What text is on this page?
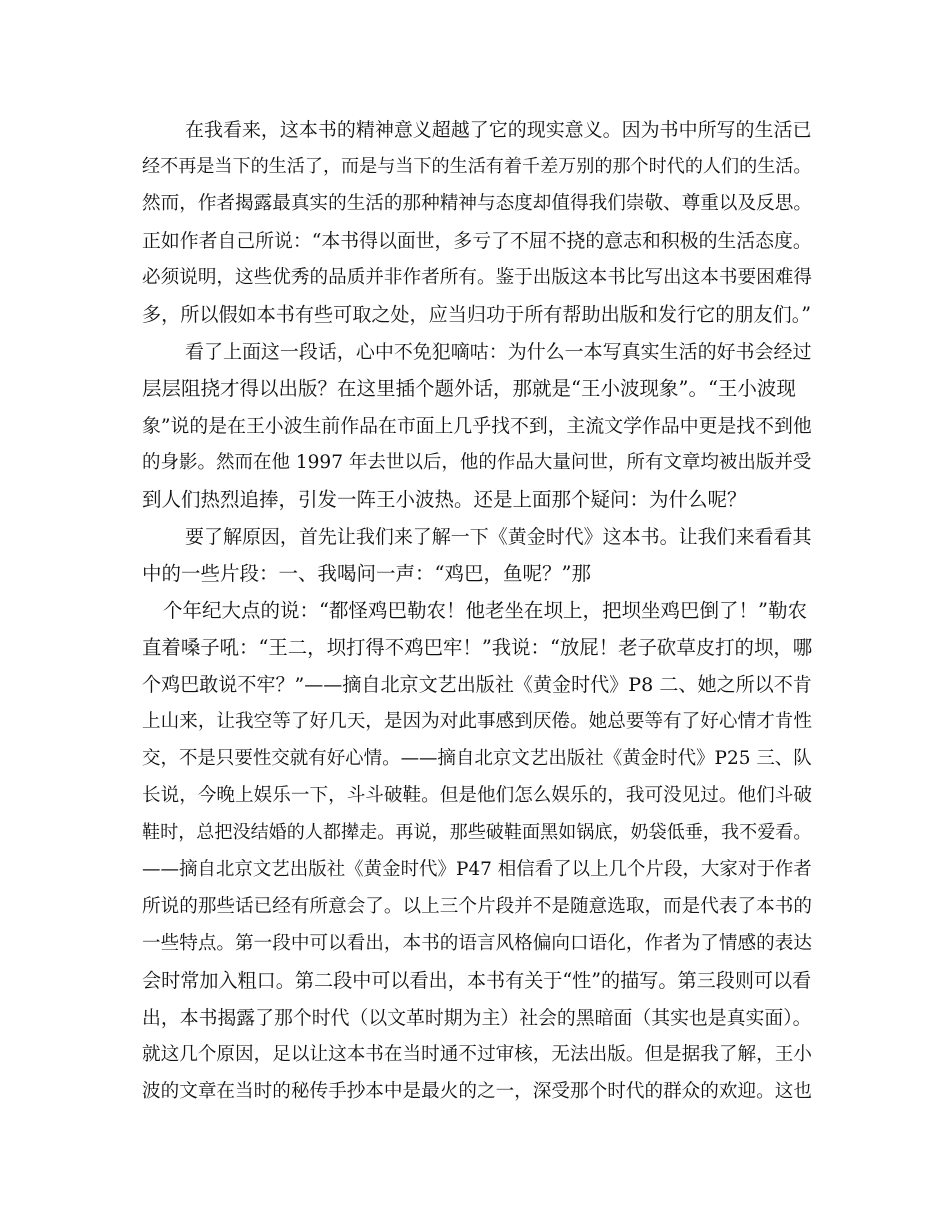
在我看来，这本书的精神意义超越了它的现实意义。因为书中所写的生活已
经不再是当下的生活了，而是与当下的生活有着千差万别的那个时代的人们的生活。
然而，作者揭露最真实的生活的那种精神与态度却值得我们崇敬、尊重以及反思。
正如作者自己所说：“本书得以面世，多亏了不屈不挠的意志和积极的生活态度。
必须说明，这些优秀的品质并非作者所有。鉴于出版这本书比写出这本书要困难得
多，所以假如本书有些可取之处，应当归功于所有帮助出版和发行它的朋友们。”
看了上面这一段话，心中不免犯嘀咕：为什么一本写真实生活的好书会经过
层层阻挠才得以出版？在这里插个题外话，那就是“王小波现象”。“王小波现
象”说的是在王小波生前作品在市面上几乎找不到，主流文学作品中更是找不到他
的身影。然而在他 1997 年去世以后，他的作品大量问世，所有文章均被出版并受
到人们热烈追捧，引发一阵王小波热。还是上面那个疑问：为什么呢？
要了解原因，首先让我们来了解一下《黄金时代》这本书。让我们来看看其
中的一些片段：一、我喝问一声：“鸡巴，鱼呢？”那
个年纪大点的说：“都怪鸡巴勒农！他老坐在坝上，把坝坐鸡巴倒了！”勒农
直着嗓子吼：“王二，坝打得不鸡巴牢！”我说：“放屁！老子砍草皮打的坝，哪
个鸡巴敢说不牢？”——摘自北京文艺出版社《黄金时代》P8 二、她之所以不肯
上山来，让我空等了好几天，是因为对此事感到厌倦。她总要等有了好心情才肯性
交，不是只要性交就有好心情。——摘自北京文艺出版社《黄金时代》P25 三、队
长说，今晚上娱乐一下，斗斗破鞋。但是他们怎么娱乐的，我可没见过。他们斗破
鞋时，总把没结婚的人都撵走。再说，那些破鞋面黑如锅底，奶袋低垂，我不爱看。
——摘自北京文艺出版社《黄金时代》P47 相信看了以上几个片段，大家对于作者
所说的那些话已经有所意会了。以上三个片段并不是随意选取，而是代表了本书的
一些特点。第一段中可以看出，本书的语言风格偏向口语化，作者为了情感的表达
会时常加入粗口。第二段中可以看出，本书有关于“性”的描写。第三段则可以看
出，本书揭露了那个时代（以文革时期为主）社会的黑暗面（其实也是真实面）。
就这几个原因，足以让这本书在当时通不过审核，无法出版。但是据我了解，王小
波的文章在当时的秘传手抄本中是最火的之一，深受那个时代的群众的欢迎。这也
